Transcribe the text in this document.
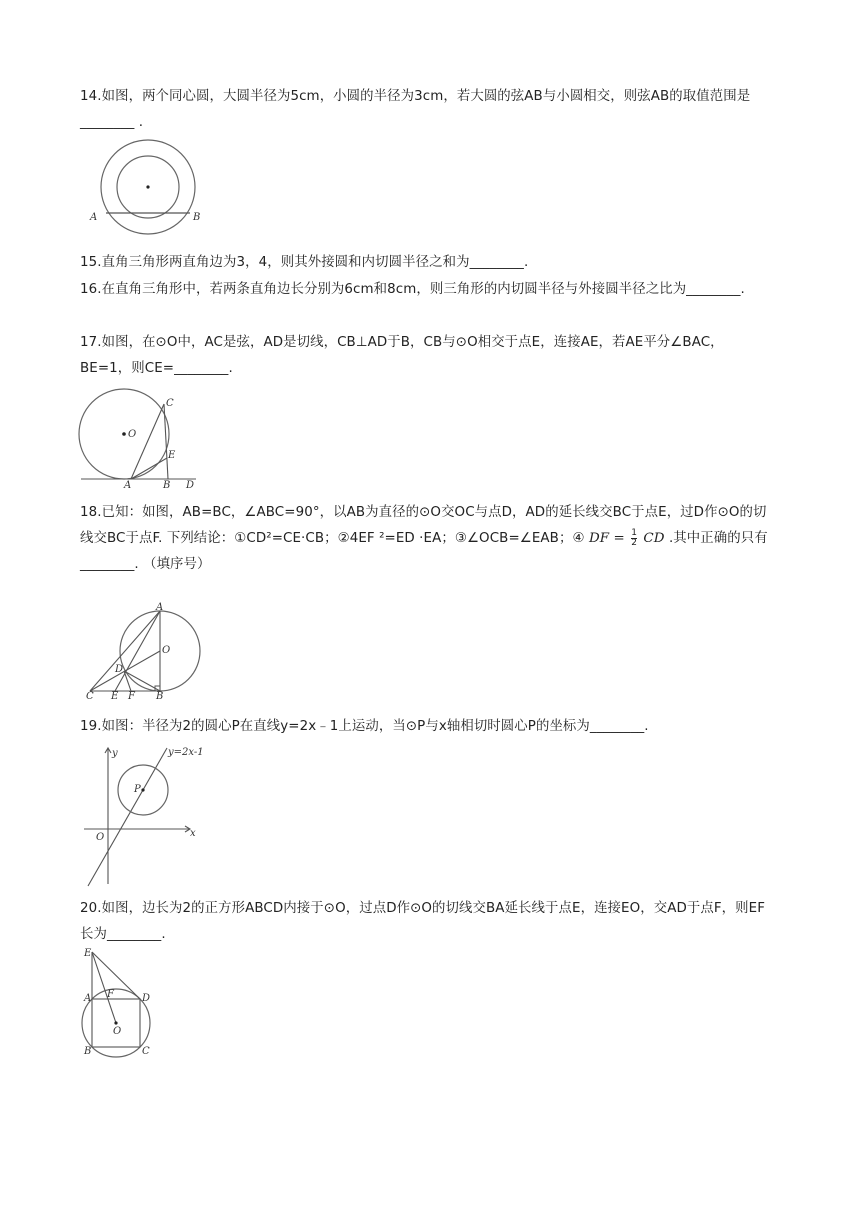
14.如图，两个同心圆，大圆半径为5cm，小圆的半径为3cm，若大圆的弦AB与小圆相交，则弦AB的取值范围是________ .
A	B
15.直角三角形两直角边为3，4，则其外接圆和内切圆半径之和为________.
16.在直角三角形中，若两条直角边长分别为6cm和8cm，则三角形的内切圆半径与外接圆半径之比为________.
17.如图，在⊙O中，AC是弦，AD是切线，CB⊥AD于B，CB与⊙O相交于点E，连接AE，若AE平分∠BAC，BE=1，则CE=________.
O
C
E
A	B D
18.已知：如图，AB=BC，∠ABC=90°，以AB为直径的⊙O交OC与点D，AD的延长线交BC于点E，过D作⊙O的切线交BC于点F. 下列结论：①CD²=CE·CB；②4EF ²=ED ·EA；③∠OCB=∠EAB；④ DF = $\frac{1}{2}$ CD .其中正确的只有________. （填序号）
A
O
D
C E F B
19.如图：半径为2的圆心P在直线y=2x﹣1上运动，当⊙P与x轴相切时圆心P的坐标为________.
y	y=2x-1
P
O	x
20.如图，边长为2的正方形ABCD内接于⊙O，过点D作⊙O的切线交BA延长线于点E，连接EO，交AD于点F，则EF长为________.
E
A F	D
O
B	C
